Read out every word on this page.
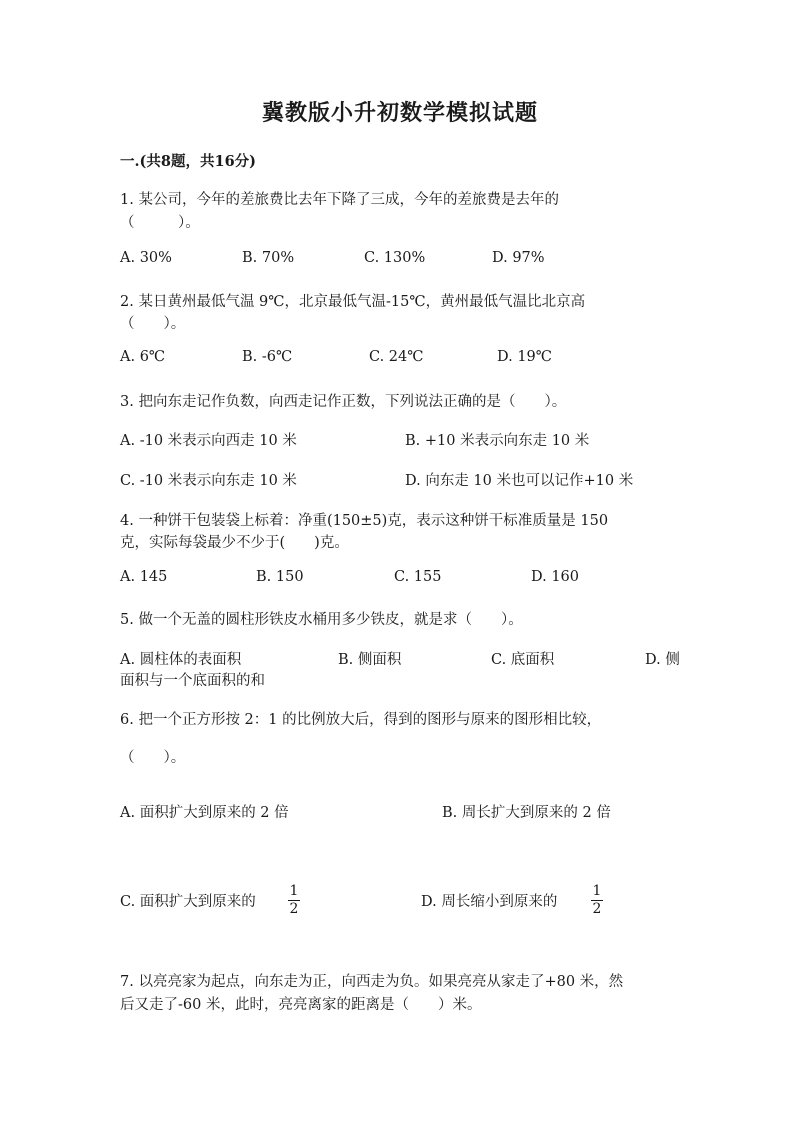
冀教版小升初数学模拟试题
一.(共8题，共16分)
1. 某公司，今年的差旅费比去年下降了三成，今年的差旅费是去年的
（　　　）。
A. 30%	B. 70%	C. 130%	D. 97%
2. 某日黄州最低气温 9℃，北京最低气温-15℃，黄州最低气温比北京高
（　　）。
A. 6℃	B. -6℃	C. 24℃	D. 19℃
3. 把向东走记作负数，向西走记作正数，下列说法正确的是（　　）。
A. -10 米表示向西走 10 米	B. +10 米表示向东走 10 米
C. -10 米表示向东走 10 米	D. 向东走 10 米也可以记作+10 米
4. 一种饼干包装袋上标着：净重(150±5)克，表示这种饼干标准质量是 150
克，实际每袋最少不少于(　　)克。
A. 145	B. 150	C. 155	D. 160
5. 做一个无盖的圆柱形铁皮水桶用多少铁皮，就是求（　　）。
A. 圆柱体的表面积	B. 侧面积	C. 底面积	D. 侧
面积与一个底面积的和
6. 把一个正方形按 2：1 的比例放大后，得到的图形与原来的图形相比较，
（　　）。
A. 面积扩大到原来的 2 倍	B. 周长扩大到原来的 2 倍
C. 面积扩大到原来的
1
2	D. 周长缩小到原来的
1
2
7. 以亮亮家为起点，向东走为正，向西走为负。如果亮亮从家走了+80 米，然
后又走了-60 米，此时，亮亮离家的距离是（　　）米。
